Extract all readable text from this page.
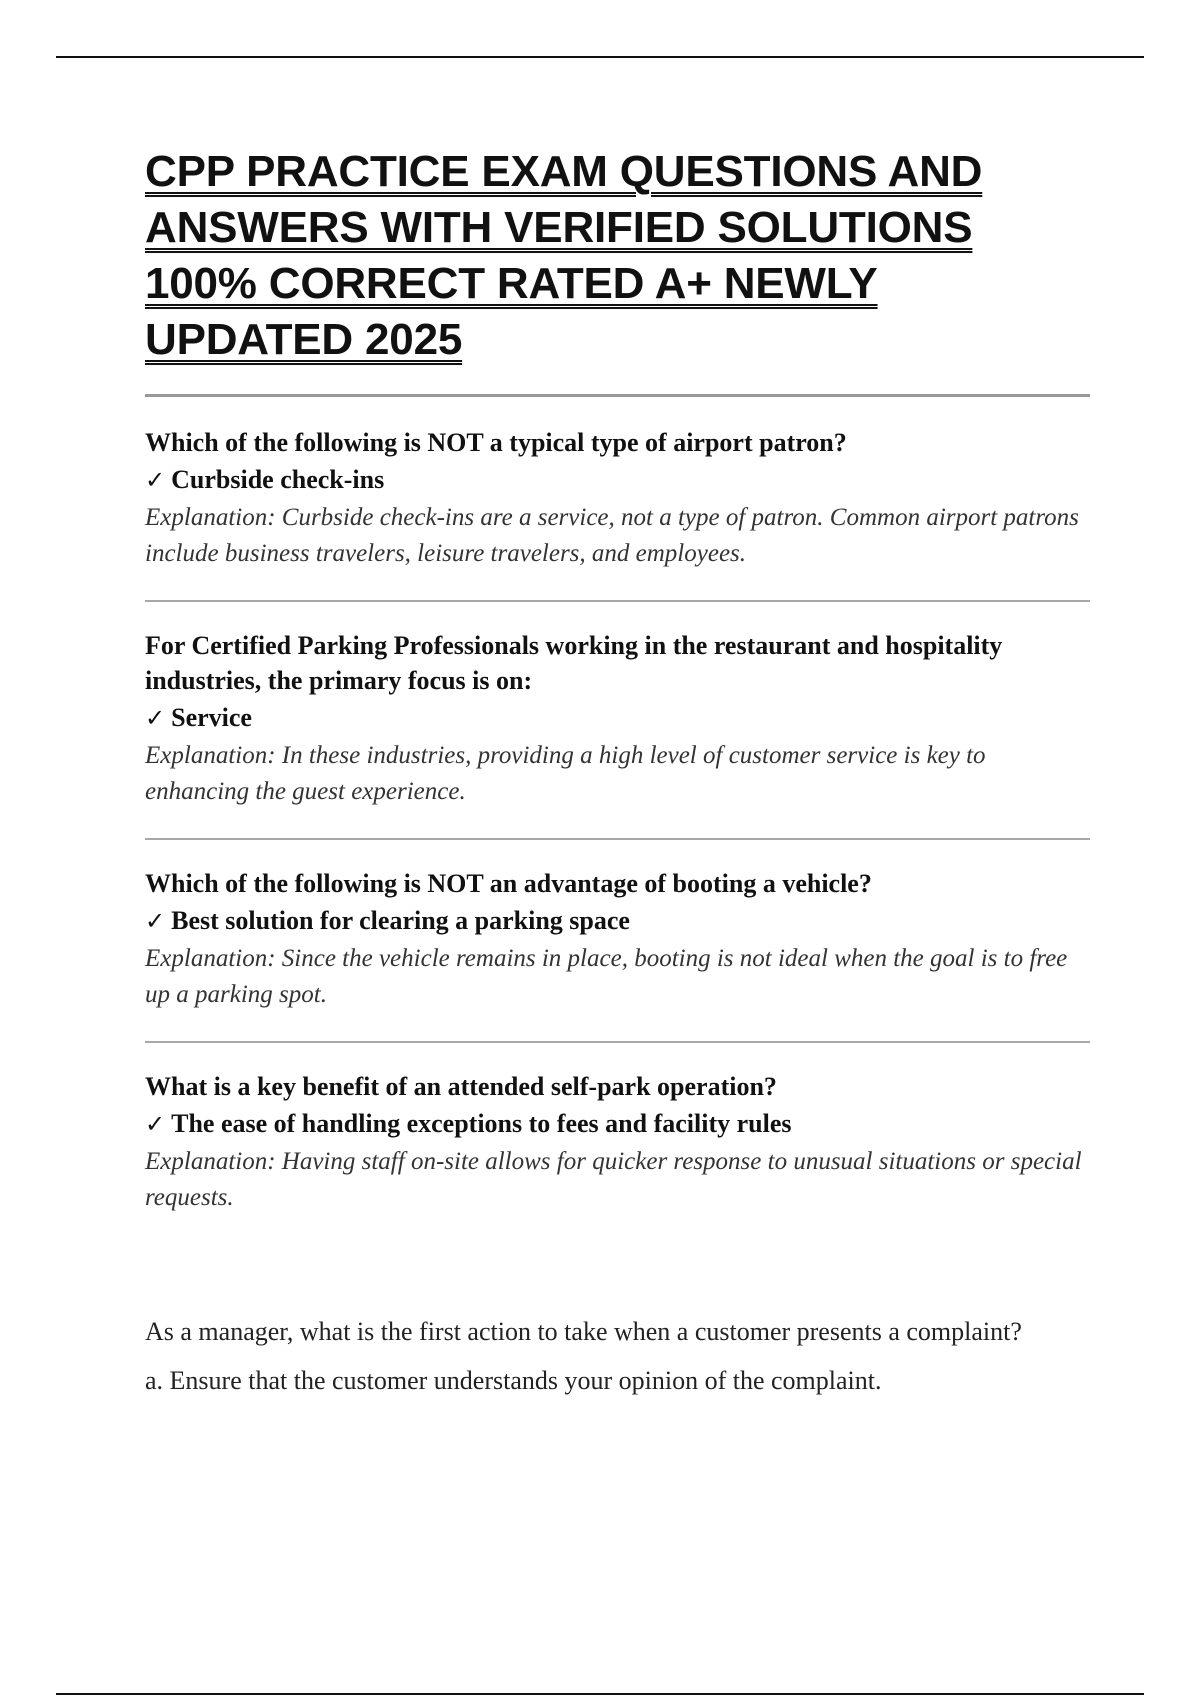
CPP PRACTICE EXAM QUESTIONS AND ANSWERS WITH VERIFIED SOLUTIONS 100% CORRECT RATED A+ NEWLY UPDATED 2025

Which of the following is NOT a typical type of airport patron?

✓ Curbside check-ins

Explanation: Curbside check-ins are a service, not a type of patron. Common airport patrons include business travelers, leisure travelers, and employees.

For Certified Parking Professionals working in the restaurant and hospitality industries, the primary focus is on:

✓ Service

Explanation: In these industries, providing a high level of customer service is key to enhancing the guest experience.

Which of the following is NOT an advantage of booting a vehicle?

✓ Best solution for clearing a parking space

Explanation: Since the vehicle remains in place, booting is not ideal when the goal is to free up a parking spot.

What is a key benefit of an attended self-park operation?

✓ The ease of handling exceptions to fees and facility rules

Explanation: Having staff on-site allows for quicker response to unusual situations or special requests.

As a manager, what is the first action to take when a customer presents a complaint?

a. Ensure that the customer understands your opinion of the complaint.
